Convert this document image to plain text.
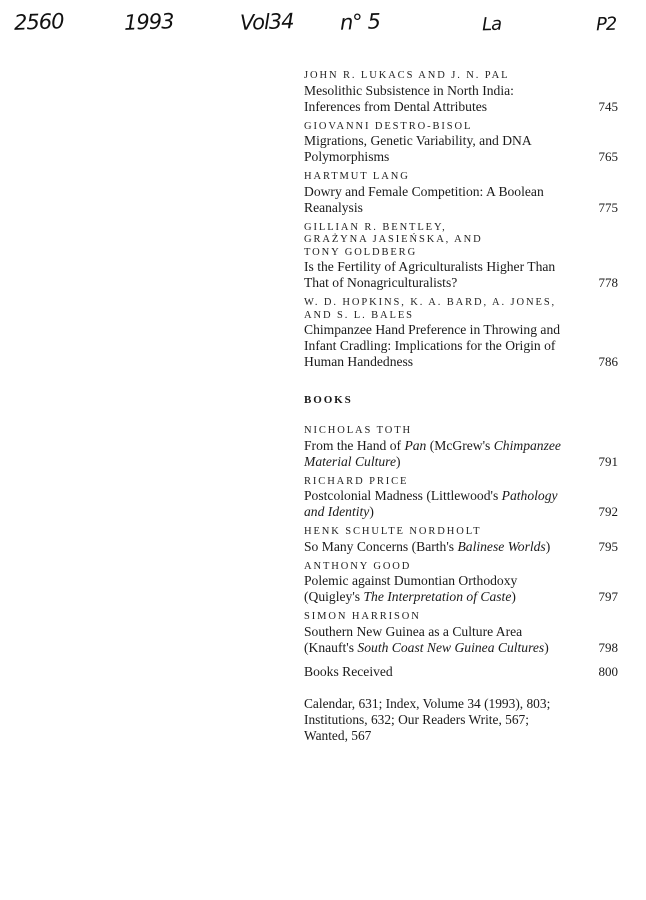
2560	1993	Vol34 n° 5	La	P2
JOHN R. LUKACS AND J. N. PAL
Mesolithic Subsistence in North India:
Inferences from Dental Attributes	745
GIOVANNI DESTRO-BISOL
Migrations, Genetic Variability, and DNA
Polymorphisms	765
HARTMUT LANG
Dowry and Female Competition: A Boolean
Reanalysis	775
GILLIAN R. BENTLEY,
GRAŻYNA JASIEŃSKA, AND
TONY GOLDBERG
Is the Fertility of Agriculturalists Higher Than
That of Nonagriculturalists?	778
W. D. HOPKINS, K. A. BARD, A. JONES,
AND S. L. BALES
Chimpanzee Hand Preference in Throwing and
Infant Cradling: Implications for the Origin of
Human Handedness	786
BOOKS
NICHOLAS TOTH
From the Hand of Pan (McGrew's Chimpanzee
Material Culture)	791
RICHARD PRICE
Postcolonial Madness (Littlewood's Pathology
and Identity)	792
HENK SCHULTE NORDHOLT
So Many Concerns (Barth's Balinese Worlds)	795
ANTHONY GOOD
Polemic against Dumontian Orthodoxy
(Quigley's The Interpretation of Caste)	797
SIMON HARRISON
Southern New Guinea as a Culture Area
(Knauft's South Coast New Guinea Cultures)	798
Books Received	800
Calendar, 631; Index, Volume 34 (1993), 803;
Institutions, 632; Our Readers Write, 567;
Wanted, 567
